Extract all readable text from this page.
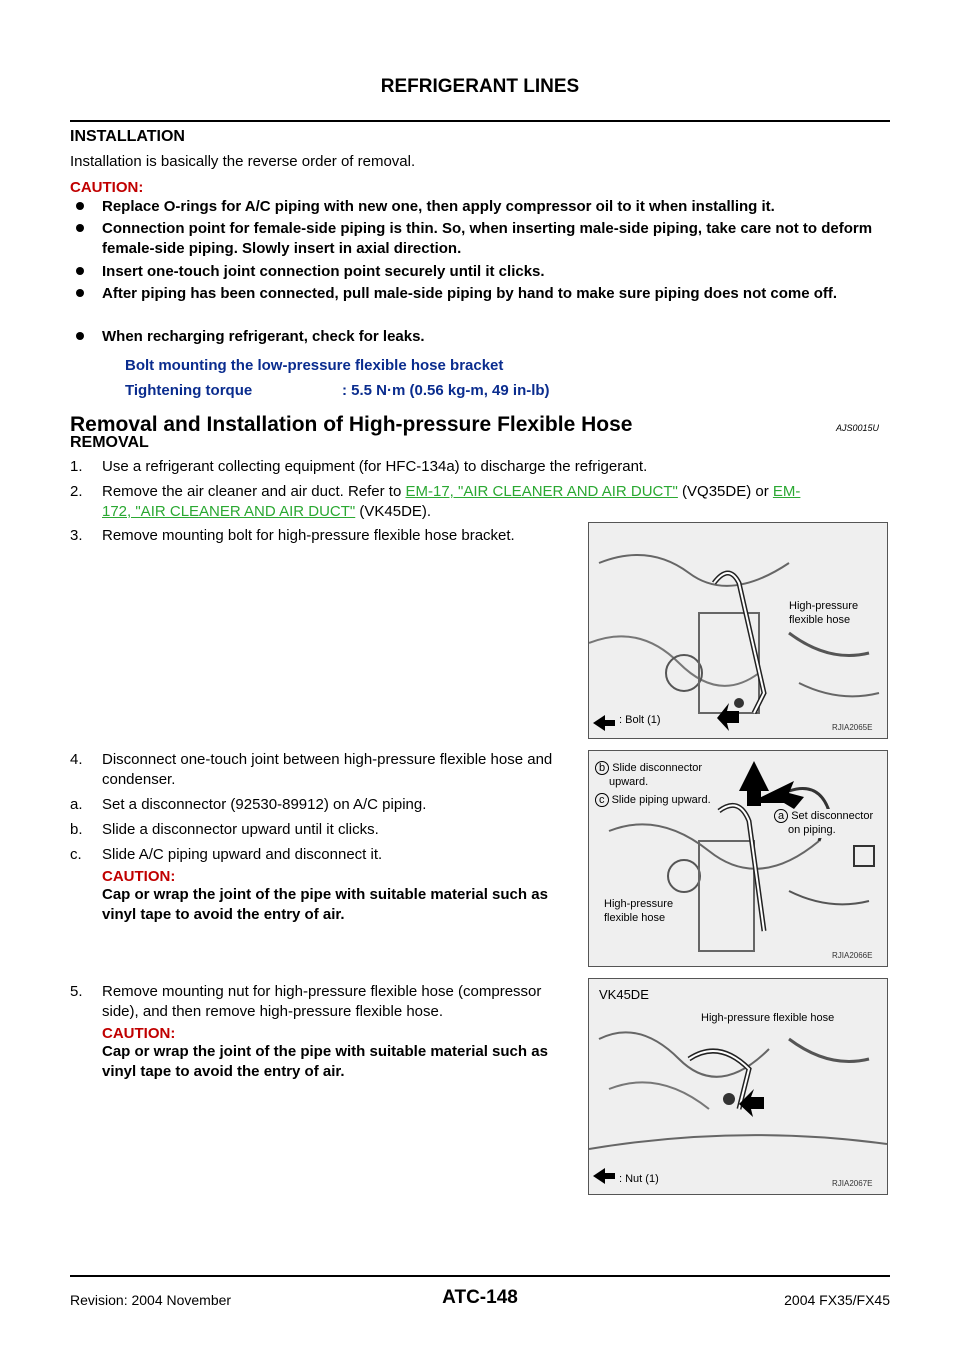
REFRIGERANT LINES
INSTALLATION
Installation is basically the reverse order of removal.
CAUTION:
Replace O-rings for A/C piping with new one, then apply compressor oil to it when installing it.
Connection point for female-side piping is thin. So, when inserting male-side piping, take care not to deform female-side piping. Slowly insert in axial direction.
Insert one-touch joint connection point securely until it clicks.
After piping has been connected, pull male-side piping by hand to make sure piping does not come off.
When recharging refrigerant, check for leaks.
Bolt mounting the low-pressure flexible hose bracket
Tightening torque	: 5.5 N·m (0.56 kg-m, 49 in-lb)
Removal and Installation of High-pressure Flexible Hose	AJS0015U
REMOVAL
1.	Use a refrigerant collecting equipment (for HFC-134a) to discharge the refrigerant.
2.	Remove the air cleaner and air duct. Refer to EM-17, "AIR CLEANER AND AIR DUCT" (VQ35DE) or EM-
172, "AIR CLEANER AND AIR DUCT" (VK45DE).
3.	Remove mounting bolt for high-pressure flexible hose bracket.
4.	Disconnect one-touch joint between high-pressure flexible hose and condenser.
a.	Set a disconnector (92530-89912) on A/C piping.
b.	Slide a disconnector upward until it clicks.
c.	Slide A/C piping upward and disconnect it.
CAUTION:
Cap or wrap the joint of the pipe with suitable material such as vinyl tape to avoid the entry of air.
5.	Remove mounting nut for high-pressure flexible hose (compressor side), and then remove high-pressure flexible hose.
CAUTION:
Cap or wrap the joint of the pipe with suitable material such as vinyl tape to avoid the entry of air.
High-pressure
flexible hose
: Bolt (1)
RJIA2065E
b Slide disconnector
upward.
c Slide piping upward.
a Set disconnector
on piping.
High-pressure
flexible hose
RJIA2066E
VK45DE
High-pressure flexible hose
: Nut (1)	RJIA2067E
Revision: 2004 November	ATC-148	2004 FX35/FX45
